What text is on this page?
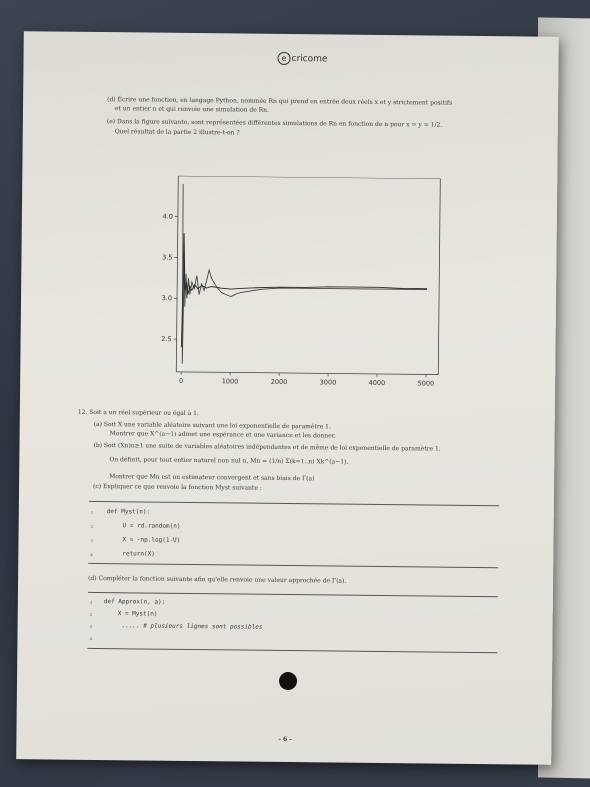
e cricome
(d) Écrire une fonction, en langage Python, nommée Rn qui prend en entrée deux réels x et y strictement positifs
et un entier n et qui renvoie une simulation de Rn.
(e) Dans la figure suivante, sont représentées différentes simulations de Rn en fonction de n pour x = y = 1/2.
Quel résultat de la partie 2 illustre-t-on ?
0	1000	2000	3000	4000	5000
2.5
3.0
3.5
4.0
12. Soit a un réel supérieur ou égal à 1.
(a) Soit X une variable aléatoire suivant une loi exponentielle de paramètre 1.
Montrer que X^(a−1) admet une espérance et une variance et les donner.
(b) Soit (Xn)n≥1 une suite de variables aléatoires indépendantes et de même de loi exponentielle de paramètre 1.
On définit, pour tout entier naturel non nul n, Mn = (1/n) Σ(k=1..n) Xk^(a−1).
Montrer que Mn est un estimateur convergent et sans biais de Γ(a)
(c) Expliquer ce que renvoie la fonction Myst suivante :
1
2
3
4
def Myst(n):
U = rd.random(n)
X = -np.log(1-U)
return(X)
(d) Compléter la fonction suivante afin qu'elle renvoie une valeur approchée de Γ(a).
1
2
3
4
def Approx(n, a):
X = Myst(n)
..... # plusieurs lignes sont possibles
- 6 -
